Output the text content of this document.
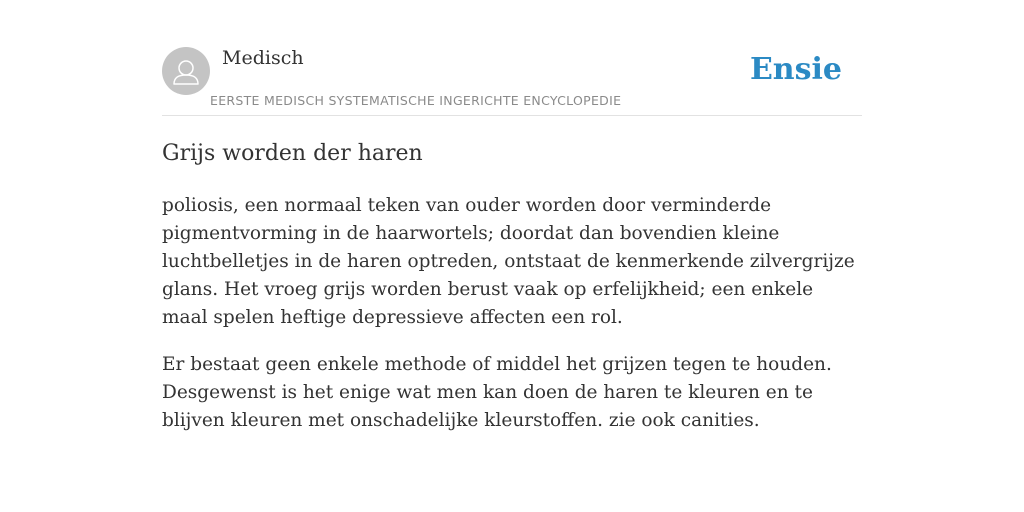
Medisch
EERSTE MEDISCH SYSTEMATISCHE INGERICHTE ENCYCLOPEDIE
Ensie
Grijs worden der haren

poliosis, een normaal teken van ouder worden door verminderde pigmentvorming in de haarwortels; doordat dan bovendien kleine luchtbelletjes in de haren optreden, ontstaat de kenmerkende zilvergrijze glans. Het vroeg grijs worden berust vaak op erfelijkheid; een enkele maal spelen heftige depressieve affecten een rol.

Er bestaat geen enkele methode of middel het grijzen tegen te houden. Desgewenst is het enige wat men kan doen de haren te kleuren en te blijven kleuren met onschadelijke kleurstoffen. zie ook canities.
